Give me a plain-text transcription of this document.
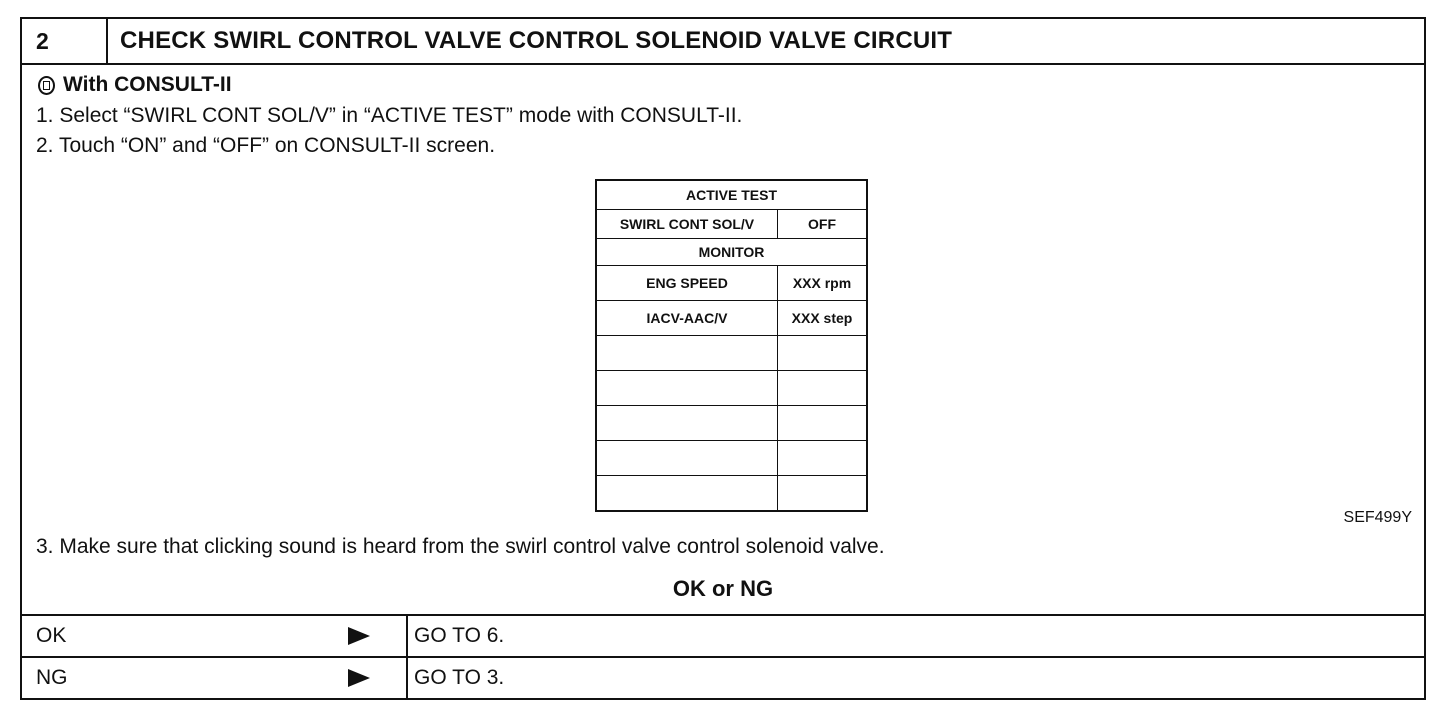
2	CHECK SWIRL CONTROL VALVE CONTROL SOLENOID VALVE CIRCUIT
With CONSULT-II
1. Select “SWIRL CONT SOL/V” in “ACTIVE TEST” mode with CONSULT-II.
2. Touch “ON” and “OFF” on CONSULT-II screen.
ACTIVE TEST
SWIRL CONT SOL/V	OFF
MONITOR
ENG SPEED	XXX rpm
IACV-AAC/V	XXX step
SEF499Y
3. Make sure that clicking sound is heard from the swirl control valve control solenoid valve.
OK or NG
OK	GO TO 6.
NG	GO TO 3.
